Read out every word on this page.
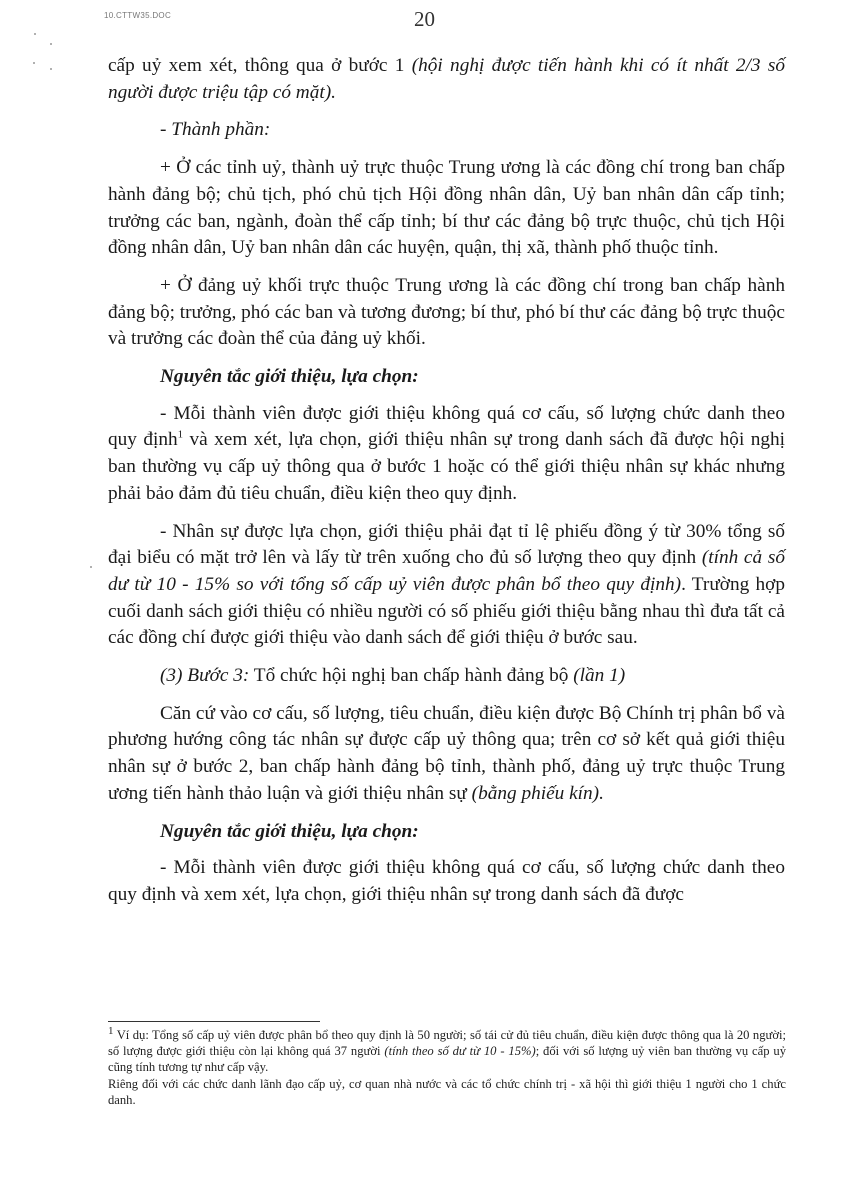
10.CTTW35.DOC	20

cấp uỷ xem xét, thông qua ở bước 1 (hội nghị được tiến hành khi có ít nhất 2/3 số người được triệu tập có mặt).

- Thành phần:

+ Ở các tỉnh uỷ, thành uỷ trực thuộc Trung ương là các đồng chí trong ban chấp hành đảng bộ; chủ tịch, phó chủ tịch Hội đồng nhân dân, Uỷ ban nhân dân cấp tỉnh; trưởng các ban, ngành, đoàn thể cấp tỉnh; bí thư các đảng bộ trực thuộc, chủ tịch Hội đồng nhân dân, Uỷ ban nhân dân các huyện, quận, thị xã, thành phố thuộc tỉnh.

+ Ở đảng uỷ khối trực thuộc Trung ương là các đồng chí trong ban chấp hành đảng bộ; trưởng, phó các ban và tương đương; bí thư, phó bí thư các đảng bộ trực thuộc và trưởng các đoàn thể của đảng uỷ khối.

Nguyên tắc giới thiệu, lựa chọn:

- Mỗi thành viên được giới thiệu không quá cơ cấu, số lượng chức danh theo quy định$^1$ và xem xét, lựa chọn, giới thiệu nhân sự trong danh sách đã được hội nghị ban thường vụ cấp uỷ thông qua ở bước 1 hoặc có thể giới thiệu nhân sự khác nhưng phải bảo đảm đủ tiêu chuẩn, điều kiện theo quy định.

- Nhân sự được lựa chọn, giới thiệu phải đạt tỉ lệ phiếu đồng ý từ 30% tổng số đại biểu có mặt trở lên và lấy từ trên xuống cho đủ số lượng theo quy định (tính cả số dư từ 10 - 15% so với tổng số cấp uỷ viên được phân bổ theo quy định). Trường hợp cuối danh sách giới thiệu có nhiều người có số phiếu giới thiệu bằng nhau thì đưa tất cả các đồng chí được giới thiệu vào danh sách để giới thiệu ở bước sau.

(3) Bước 3: Tổ chức hội nghị ban chấp hành đảng bộ (lần 1)

Căn cứ vào cơ cấu, số lượng, tiêu chuẩn, điều kiện được Bộ Chính trị phân bổ và phương hướng công tác nhân sự được cấp uỷ thông qua; trên cơ sở kết quả giới thiệu nhân sự ở bước 2, ban chấp hành đảng bộ tỉnh, thành phố, đảng uỷ trực thuộc Trung ương tiến hành thảo luận và giới thiệu nhân sự (bằng phiếu kín).

Nguyên tắc giới thiệu, lựa chọn:

- Mỗi thành viên được giới thiệu không quá cơ cấu, số lượng chức danh theo quy định và xem xét, lựa chọn, giới thiệu nhân sự trong danh sách đã được

$^1$ Ví dụ: Tổng số cấp uỷ viên được phân bổ theo quy định là 50 người; số tái cử đủ tiêu chuẩn, điều kiện được thông qua là 20 người; số lượng được giới thiệu còn lại không quá 37 người (tính theo số dư từ 10 - 15%); đối với số lượng uỷ viên ban thường vụ cấp uỷ cũng tính tương tự như cấp vậy.

Riêng đối với các chức danh lãnh đạo cấp uỷ, cơ quan nhà nước và các tổ chức chính trị - xã hội thì giới thiệu 1 người cho 1 chức danh.
